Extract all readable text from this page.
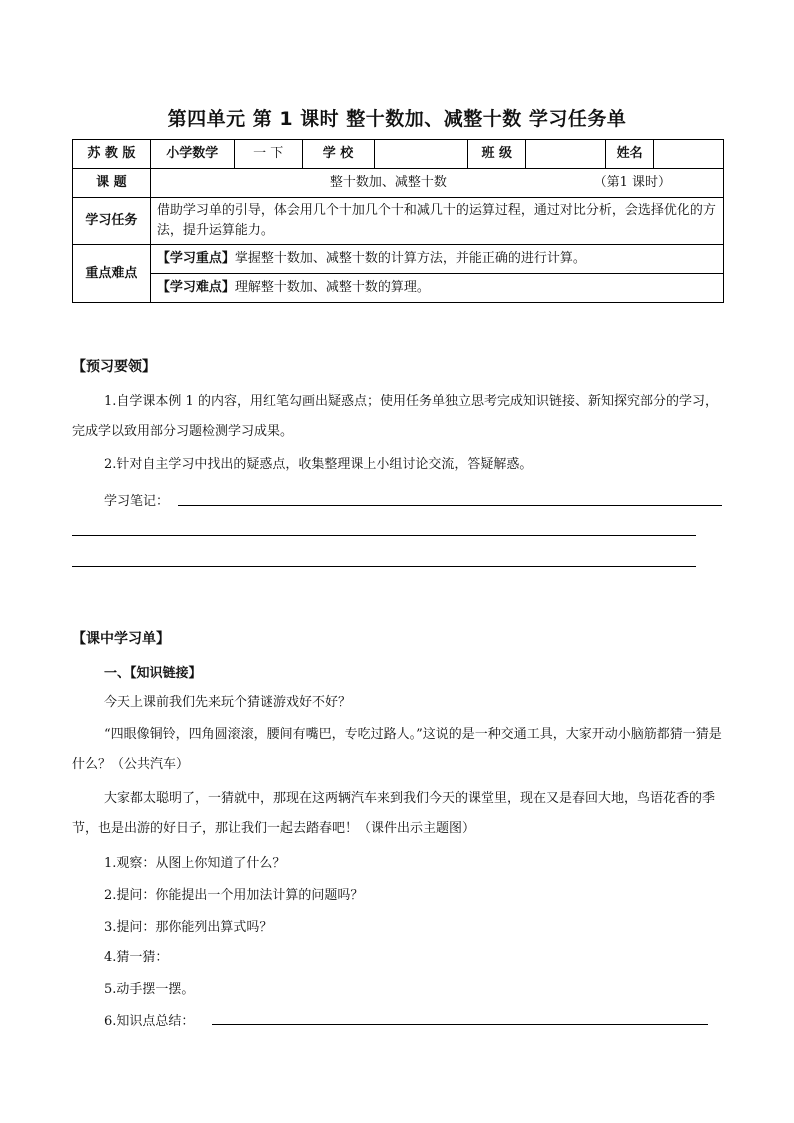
第四单元 第 1 课时 整十数加、减整十数 学习任务单
苏 教 版	小学数学	一 下	学 校		班 级		姓名	
课 题	整十数加、减整十数 （第1 课时）							
学习任务	借助学习单的引导，体会用几个十加几个十和减几十的运算过程，通过对比分析，会选择优化的方法，提升运算能力。							
重点难点	【学习重点】掌握整十数加、减整十数的计算方法，并能正确的进行计算。							
	【学习难点】理解整十数加、减整十数的算理。							
【预习要领】

1.自学课本例 1 的内容，用红笔勾画出疑惑点；使用任务单独立思考完成知识链接、新知探究部分的学习，完成学以致用部分习题检测学习成果。

2.针对自主学习中找出的疑惑点，收集整理课上小组讨论交流，答疑解惑。

学习笔记：
【课中学习单】
一、【知识链接】

今天上课前我们先来玩个猜谜游戏好不好？

“四眼像铜铃，四角圆滚滚，腰间有嘴巴，专吃过路人。”这说的是一种交通工具，大家开动小脑筋都猜一猜是什么？（公共汽车）

大家都太聪明了，一猜就中，那现在这两辆汽车来到我们今天的课堂里，现在又是春回大地，鸟语花香的季节，也是出游的好日子，那让我们一起去踏春吧！（课件出示主题图）

1.观察：从图上你知道了什么？
2.提问：你能提出一个用加法计算的问题吗？
3.提问：那你能列出算式吗？
4.猜一猜：
5.动手摆一摆。
6.知识点总结：
